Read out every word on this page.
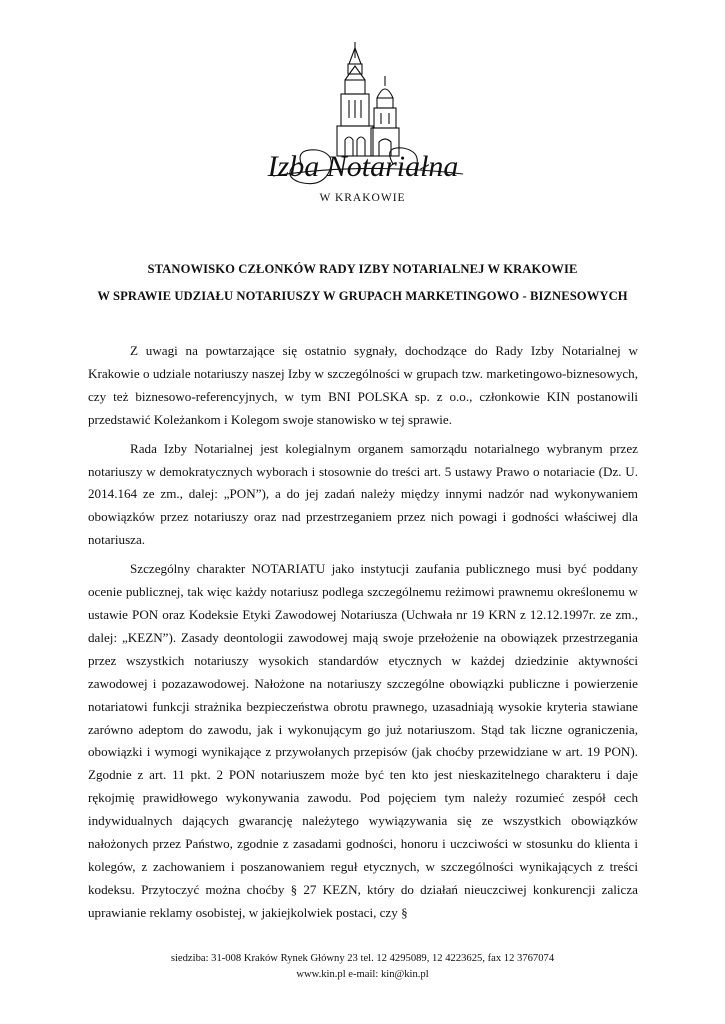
Izba Notariałna
W KRAKOWIE
STANOWISKO CZŁONKÓW RADY IZBY NOTARIALNEJ W KRAKOWIE
W SPRAWIE UDZIAŁU NOTARIUSZY W GRUPACH MARKETINGOWO - BIZNESOWYCH

Z uwagi na powtarzające się ostatnio sygnały, dochodzące do Rady Izby Notarialnej w Krakowie o udziale notariuszy naszej Izby w szczególności w grupach tzw. marketingowo-biznesowych, czy też biznesowo-referencyjnych, w tym BNI POLSKA sp. z o.o., członkowie KIN postanowili przedstawić Koleżankom i Kolegom swoje stanowisko w tej sprawie.

Rada Izby Notarialnej jest kolegialnym organem samorządu notarialnego wybranym przez notariuszy w demokratycznych wyborach i stosownie do treści art. 5 ustawy Prawo o notariacie (Dz. U. 2014.164 ze zm., dalej: „PON”), a do jej zadań należy między innymi nadzór nad wykonywaniem obowiązków przez notariuszy oraz nad przestrzeganiem przez nich powagi i godności właściwej dla notariusza.

Szczególny charakter NOTARIATU jako instytucji zaufania publicznego musi być poddany ocenie publicznej, tak więc każdy notariusz podlega szczególnemu reżimowi prawnemu określonemu w ustawie PON oraz Kodeksie Etyki Zawodowej Notariusza (Uchwała nr 19 KRN z 12.12.1997r. ze zm., dalej: „KEZN”). Zasady deontologii zawodowej mają swoje przełożenie na obowiązek przestrzegania przez wszystkich notariuszy wysokich standardów etycznych w każdej dziedzinie aktywności zawodowej i pozazawodowej. Nałożone na notariuszy szczególne obowiązki publiczne i powierzenie notariatowi funkcji strażnika bezpieczeństwa obrotu prawnego, uzasadniają wysokie kryteria stawiane zarówno adeptom do zawodu, jak i wykonującym go już notariuszom. Stąd tak liczne ograniczenia, obowiązki i wymogi wynikające z przywołanych przepisów (jak choćby przewidziane w art. 19 PON). Zgodnie z art. 11 pkt. 2 PON notariuszem może być ten kto jest nieskazitelnego charakteru i daje rękojmię prawidłowego wykonywania zawodu. Pod pojęciem tym należy rozumieć zespół cech indywidualnych dających gwarancję należytego wywiązywania się ze wszystkich obowiązków nałożonych przez Państwo, zgodnie z zasadami godności, honoru i uczciwości w stosunku do klienta i kolegów, z zachowaniem i poszanowaniem reguł etycznych, w szczególności wynikających z treści kodeksu. Przytoczyć można choćby § 27 KEZN, który do działań nieuczciwej konkurencji zalicza uprawianie reklamy osobistej, w jakiejkolwiek postaci, czy §

siedziba: 31-008 Kraków Rynek Główny 23 tel. 12 4295089, 12 4223625, fax 12 3767074
www.kin.pl e-mail: kin@kin.pl
